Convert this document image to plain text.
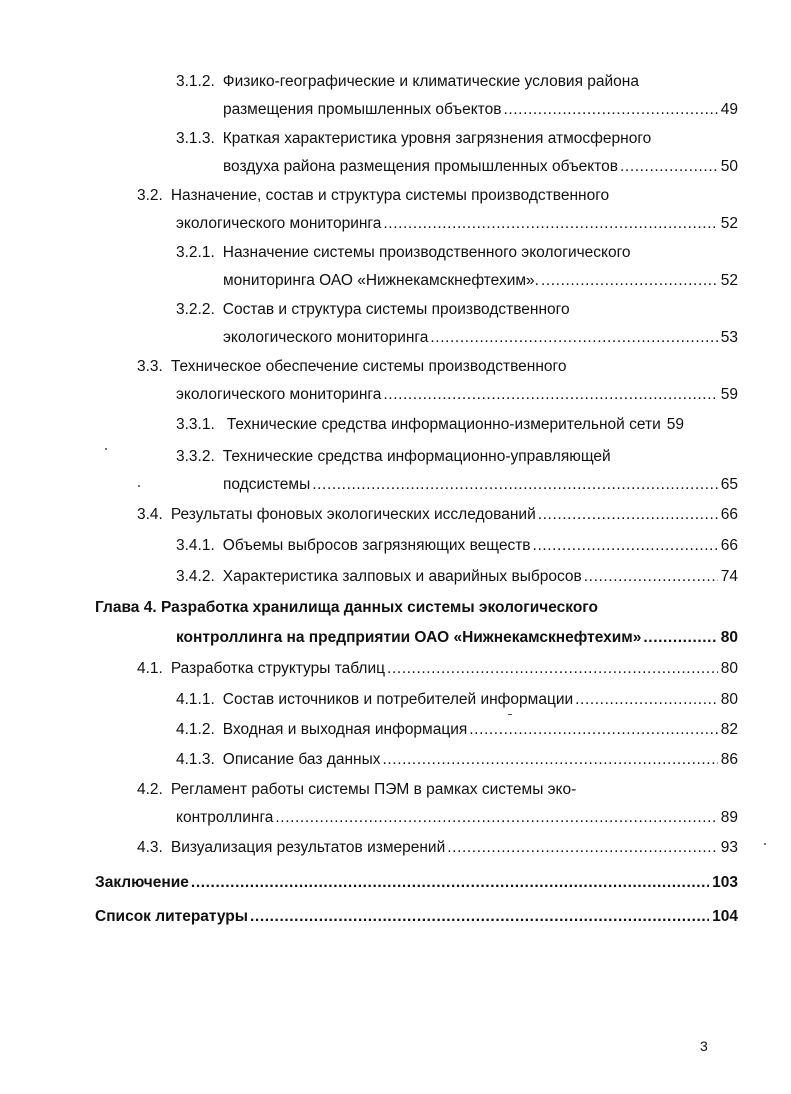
3.1.2. Физико-географические и климатические условия района
размещения промышленных объектов .....	49
3.1.3. Краткая характеристика уровня загрязнения атмосферного
воздуха района размещения промышленных объектов .....	50
3.2. Назначение, состав и структура системы производственного
экологического мониторинга .....	52
3.2.1. Назначение системы производственного экологического
мониторинга ОАО «Нижнекамскнефтехим». .....	52
3.2.2. Состав и структура системы производственного
экологического мониторинга .....	53
3.3. Техническое обеспечение системы производственного
экологического мониторинга .....	59
3.3.1. Технические средства информационно-измерительной сети 59
3.3.2. Технические средства информационно-управляющей
подсистемы .....	65
3.4. Результаты фоновых экологических исследований .....	66
3.4.1. Объемы выбросов загрязняющих веществ .....	66
3.4.2. Характеристика залповых и аварийных выбросов .....	74
Глава 4. Разработка хранилища данных системы экологического
контроллинга на предприятии ОАО «Нижнекамскнефтехим» .....	80
4.1. Разработка структуры таблиц .....	80
4.1.1. Состав источников и потребителей информации .....	80
4.1.2. Входная и выходная информация .....	82
4.1.3. Описание баз данных .....	86
4.2. Регламент работы системы ПЭМ в рамках системы эко-
контроллинга .....	89
4.3. Визуализация результатов измерений .....	93
Заключение .....	103
Список литературы .....	104
3
